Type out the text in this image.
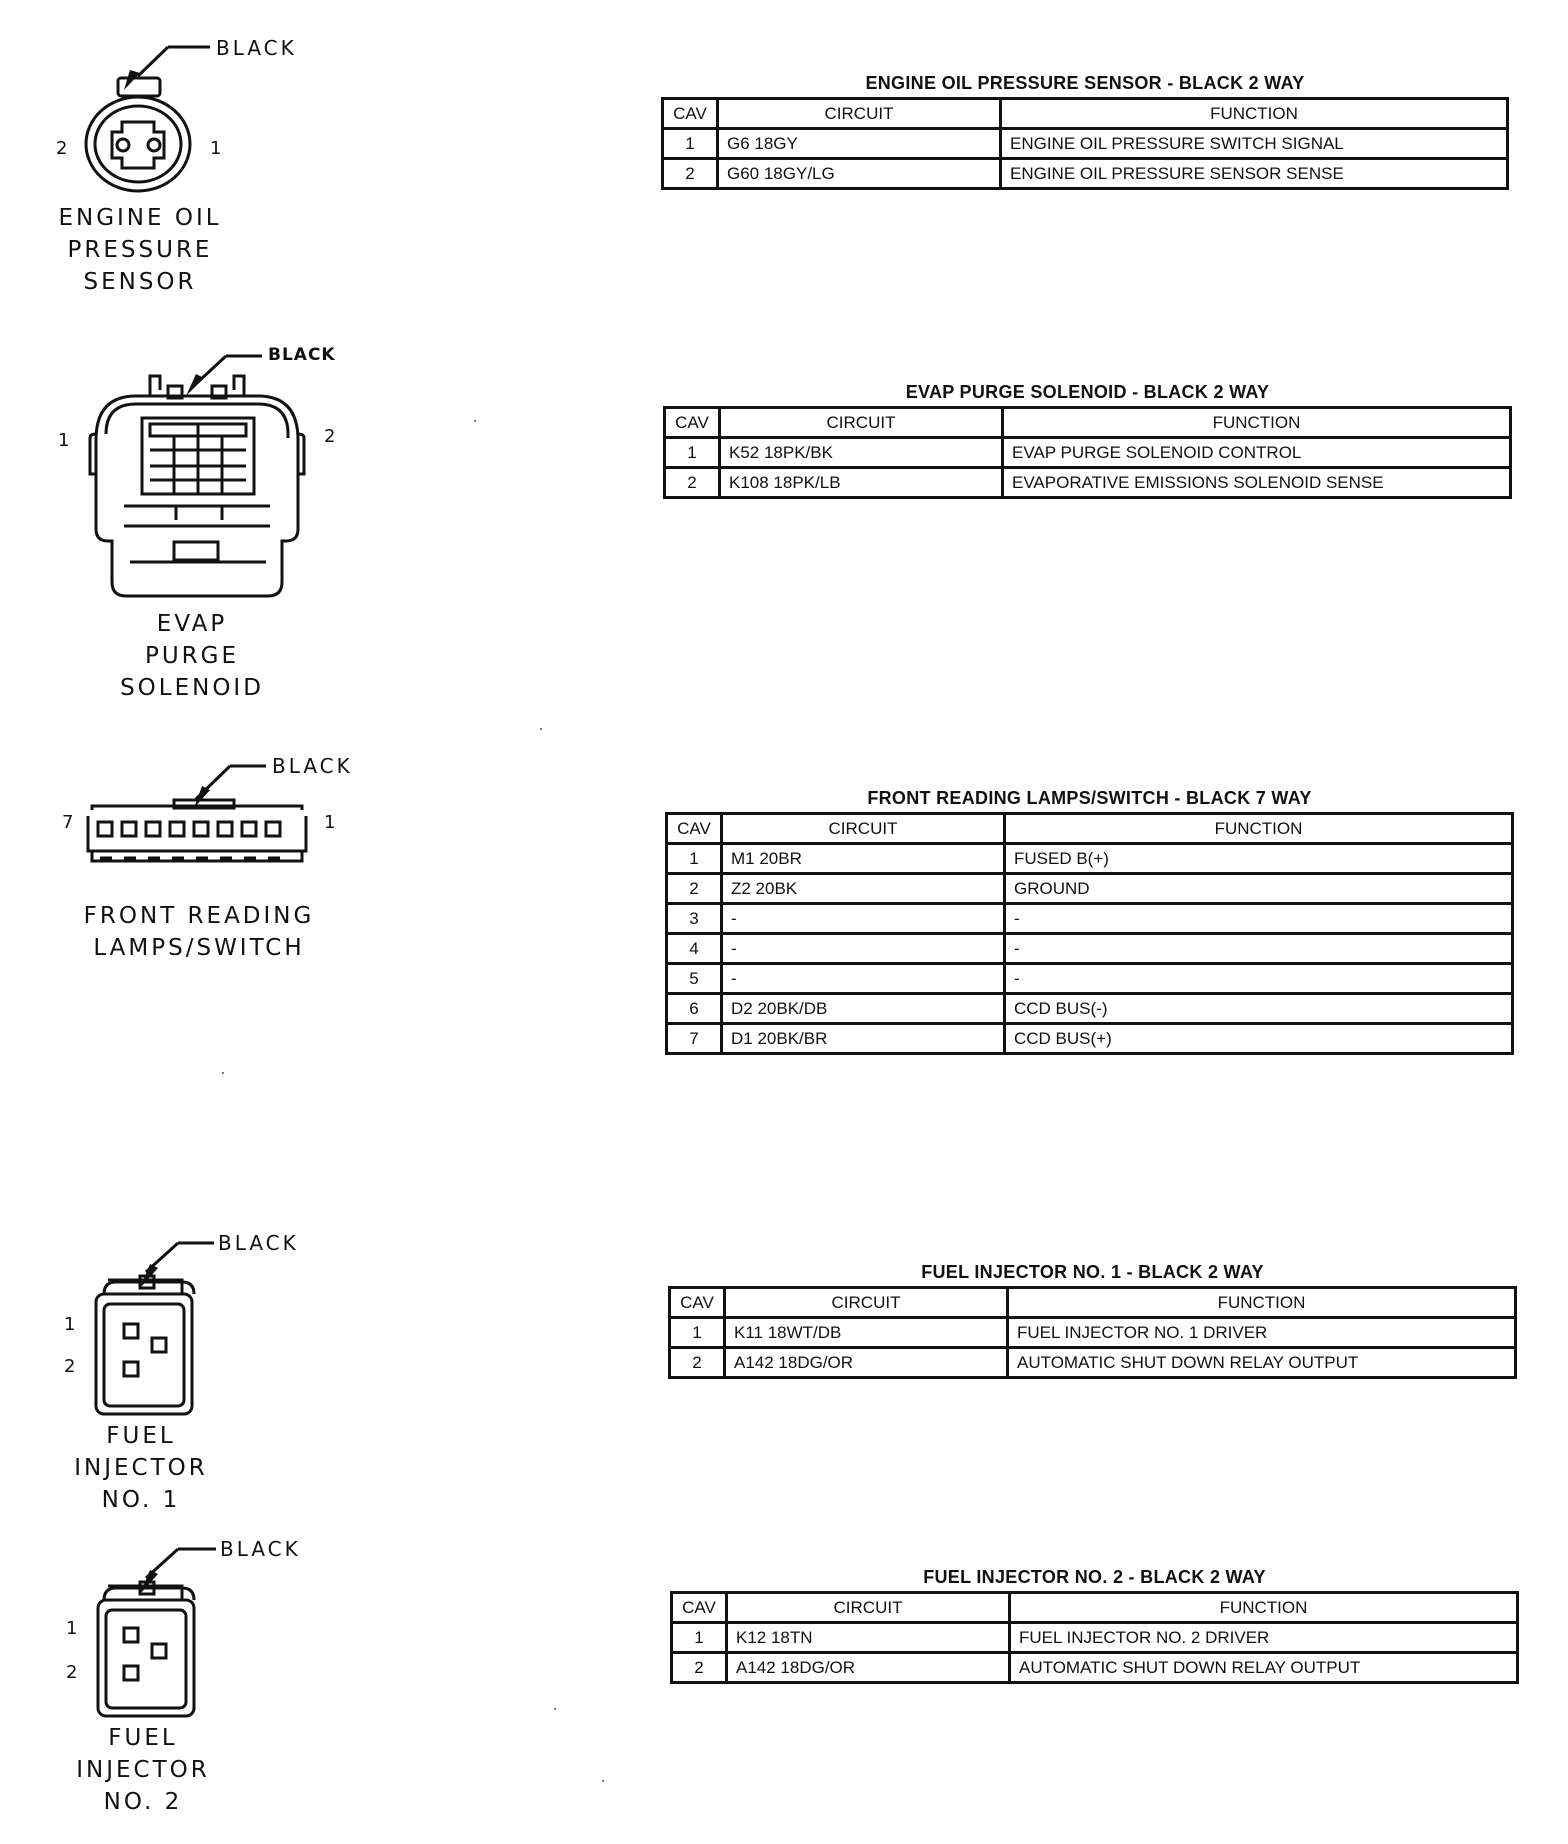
BLACK
2	1
ENGINE OIL
PRESSURE
SENSOR
ENGINE OIL PRESSURE SENSOR - BLACK 2 WAY
CAV	CIRCUIT	FUNCTION
1	G6 18GY	ENGINE OIL PRESSURE SWITCH SIGNAL
2	G60 18GY/LG	ENGINE OIL PRESSURE SENSOR SENSE
BLACK
1	2
EVAP
PURGE
SOLENOID
EVAP PURGE SOLENOID - BLACK 2 WAY
CAV	CIRCUIT	FUNCTION
1	K52 18PK/BK	EVAP PURGE SOLENOID CONTROL
2	K108 18PK/LB	EVAPORATIVE EMISSIONS SOLENOID SENSE
BLACK
7	1
FRONT READING
LAMPS/SWITCH
FRONT READING LAMPS/SWITCH - BLACK 7 WAY
CAV	CIRCUIT	FUNCTION
1	M1 20BR	FUSED B(+)
2	Z2 20BK	GROUND
3	-	-
4	-	-
5	-	-
6	D2 20BK/DB	CCD BUS(-)
7	D1 20BK/BR	CCD BUS(+)
BLACK
1
2
FUEL
INJECTOR
NO. 1
FUEL INJECTOR NO. 1 - BLACK 2 WAY
CAV	CIRCUIT	FUNCTION
1	K11 18WT/DB	FUEL INJECTOR NO. 1 DRIVER
2	A142 18DG/OR	AUTOMATIC SHUT DOWN RELAY OUTPUT
BLACK
1
2
FUEL
INJECTOR
NO. 2
FUEL INJECTOR NO. 2 - BLACK 2 WAY
CAV	CIRCUIT	FUNCTION
1	K12 18TN	FUEL INJECTOR NO. 2 DRIVER
2	A142 18DG/OR	AUTOMATIC SHUT DOWN RELAY OUTPUT
